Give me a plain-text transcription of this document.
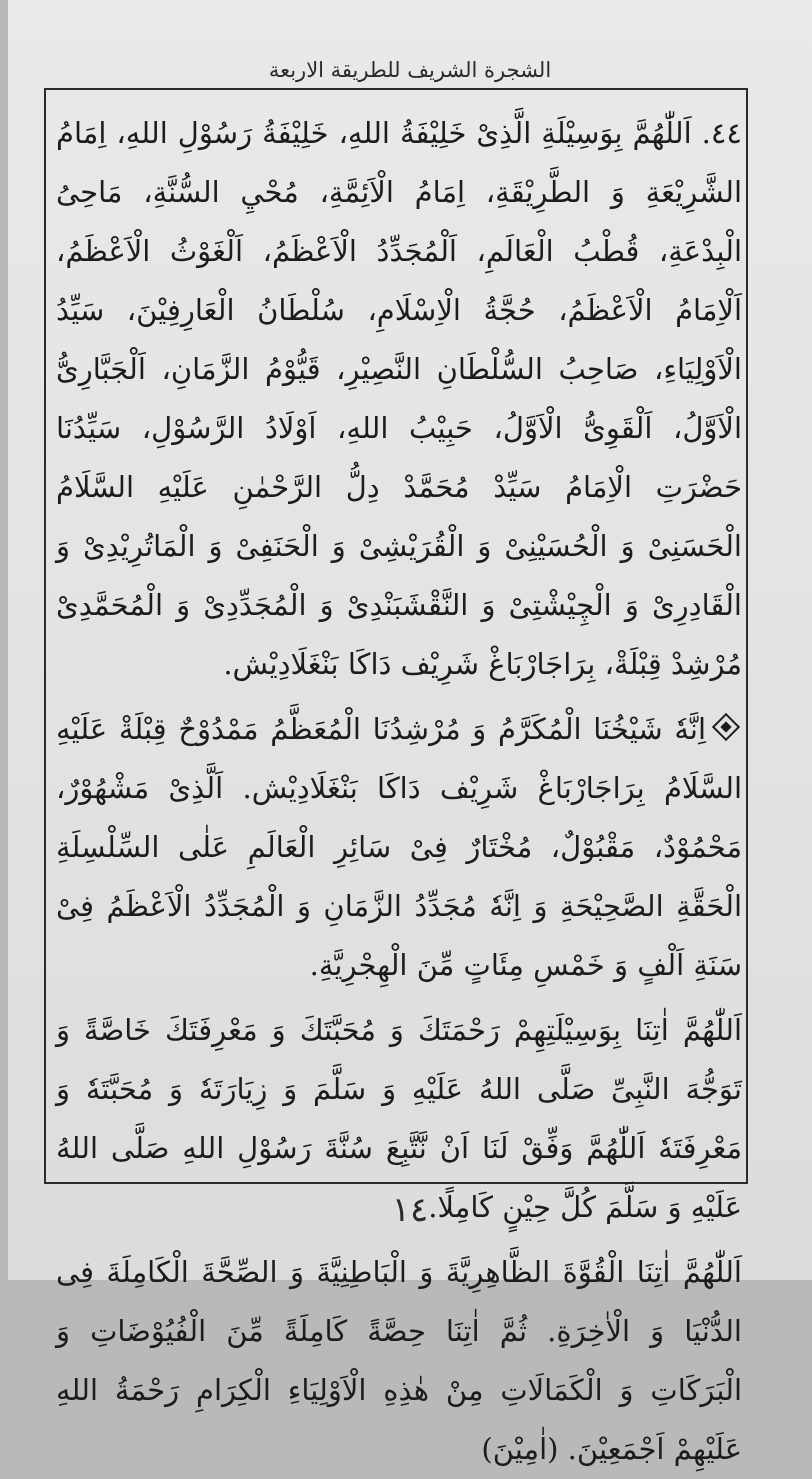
الشجرة الشريف للطريقة الاربعة

٤٤. اَللّٰهُمَّ بِوَسِيْلَةِ الَّذِىْ خَلِيْفَةُ اللهِ، خَلِيْفَةُ رَسُوْلِ اللهِ، اِمَامُ الشَّرِيْعَةِ وَ الطَّرِيْقَةِ، اِمَامُ الْاَئِمَّةِ، مُحْيِ السُّنَّةِ، مَاحِىُ الْبِدْعَةِ، قُطْبُ الْعَالَمِ، اَلْمُجَدِّدُ الْاَعْظَمُ، اَلْغَوْثُ الْاَعْظَمُ، اَلْاِمَامُ الْاَعْظَمُ، حُجَّةُ الْاِسْلَامِ، سُلْطَانُ الْعَارِفِيْنَ، سَيِّدُ الْاَوْلِيَاءِ، صَاحِبُ السُّلْطَانِ النَّصِيْرِ، قَيُّوْمُ الزَّمَانِ، اَلْجَبَّارِىُّ الْاَوَّلُ، اَلْقَوِىُّ الْاَوَّلُ، حَبِيْبُ اللهِ، اَوْلَادُ الرَّسُوْلِ، سَيِّدُنَا حَضْرَتِ الْاِمَامُ سَيِّدْ مُحَمَّدْ دِلُّ الرَّحْمٰنِ عَلَيْهِ السَّلَامُ الْحَسَنِىْ وَ الْحُسَيْنِىْ وَ الْقُرَيْشِىْ وَ الْحَنَفِىْ وَ الْمَاتُرِيْدِىْ وَ الْقَادِرِىْ وَ الْچِيْشْتِىْ وَ النَّقْشَبَنْدِىْ وَ الْمُجَدِّدِىْ وَ الْمُحَمَّدِىْ مُرْشِدْ قِبْلَةْ، بِرَاجَارْبَاغْ شَرِيْف دَاكَا بَنْغَلَادِيْش.

اِنَّهٗ شَيْخُنَا الْمُكَرَّمُ وَ مُرْشِدُنَا الْمُعَظَّمُ مَمْدُوْحٌ قِبْلَةْ عَلَيْهِ السَّلَامُ بِرَاجَارْبَاغْ شَرِيْف دَاكَا بَنْغَلَادِيْش. اَلَّذِىْ مَشْهُوْرٌ، مَحْمُوْدٌ، مَقْبُوْلٌ، مُخْتَارٌ فِىْ سَائِرِ الْعَالَمِ عَلٰى السِّلْسِلَةِ الْحَقَّةِ الصَّحِيْحَةِ وَ اِنَّهٗ مُجَدِّدُ الزَّمَانِ وَ الْمُجَدِّدُ الْاَعْظَمُ فِىْ سَنَةِ اَلْفٍ وَ خَمْسِ مِئَاتٍ مِّنَ الْهِجْرِيَّةِ.

اَللّٰهُمَّ اٰتِنَا بِوَسِيْلَتِهِمْ رَحْمَتَكَ وَ مُحَبَّتَكَ وَ مَعْرِفَتَكَ خَاصَّةً وَ تَوَجُّهَ النَّبِىِّ صَلَّى اللهُ عَلَيْهِ وَ سَلَّمَ وَ زِيَارَتَهٗ وَ مُحَبَّتَهٗ وَ مَعْرِفَتَهٗ اَللّٰهُمَّ وَفِّقْ لَنَا اَنْ نَّتَّبِعَ سُنَّةَ رَسُوْلِ اللهِ صَلَّى اللهُ عَلَيْهِ وَ سَلَّمَ كُلَّ حِيْنٍ كَامِلًا.

اَللّٰهُمَّ اٰتِنَا الْقُوَّةَ الظَّاهِرِيَّةَ وَ الْبَاطِنِيَّةَ وَ الصِّحَّةَ الْكَامِلَةَ فِى الدُّنْيَا وَ الْاٰخِرَةِ. ثُمَّ اٰتِنَا حِصَّةً كَامِلَةً مِّنَ الْفُيُوْضَاتِ وَ الْبَرَكَاتِ وَ الْكَمَالَاتِ مِنْ هٰذِهِ الْاَوْلِيَاءِ الْكِرَامِ رَحْمَةُ اللهِ عَلَيْهِمْ اَجْمَعِيْنَ. (اٰمِيْنَ)

١٤
